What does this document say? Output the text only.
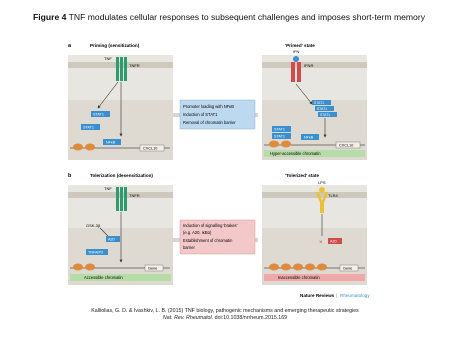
Figure 4 TNF modulates cellular responses to subsequent challenges and imposes short-term memory
a	Priming (sensitization)	'Primed' state
TNF
TNFR
STAT1
STAT1
NFκB
CXCL10
Promoter loading with NFκB
Induction of STAT1
Removal of chromatin barrier
IFN
IFNR
STAT1
STAT1
STAT1
STAT1
STAT1	NFκB
CXCL10
Hyper-accessible chromatin
b	Tolerization (desensitization)	'Tolerized' state
TNF
TNFR
GSK-3β
A20
TNFAIP3
Gene
Accessible chromatin
Induction of signalling 'brakes'
(e.g. A20, IκBα)
Establishment of chromatin
barrier
LPS
TLR4
× A20
Gene
Inaccessible chromatin
Nature Reviews | Rheumatology
Kalliolias, G. D. & Ivashkiv, L. B. (2015) TNF biology, pathogenic mechanisms and emerging therapeutic strategies
Nat. Rev. Rheumatol. doi:10.1038/nrrheum.2015.169
